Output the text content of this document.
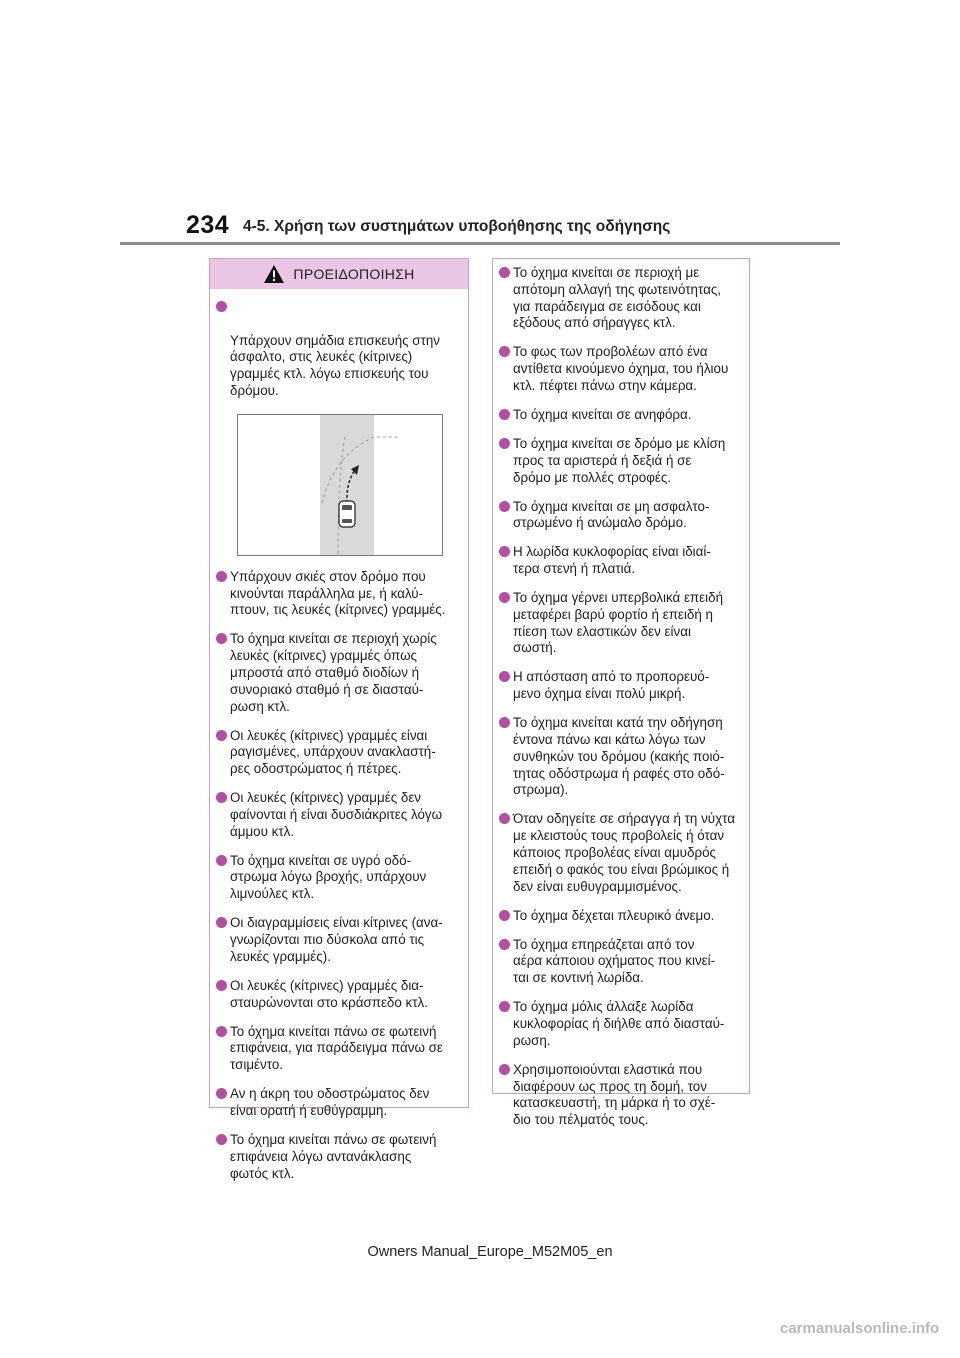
234 4-5. Χρήση των συστημάτων υποβοήθησης της οδήγησης
ΠΡΟΕΙΔΟΠΟΙΗΣΗ

Υπάρχουν σημάδια επισκευής στην
άσφαλτο, στις λευκές (κίτρινες)
γραμμές κτλ. λόγω επισκευής του
δρόμου.

Υπάρχουν σκιές στον δρόμο που
κινούνται παράλληλα με, ή καλύ-
πτουν, τις λευκές (κίτρινες) γραμμές.
Το όχημα κινείται σε περιοχή χωρίς
λευκές (κίτρινες) γραμμές όπως
μπροστά από σταθμό διοδίων ή
συνοριακό σταθμό ή σε διασταύ-
ρωση κτλ.
Οι λευκές (κίτρινες) γραμμές είναι
ραγισμένες, υπάρχουν ανακλαστή-
ρες οδοστρώματος ή πέτρες.
Οι λευκές (κίτρινες) γραμμές δεν
φαίνονται ή είναι δυσδιάκριτες λόγω
άμμου κτλ.
Το όχημα κινείται σε υγρό οδό-
στρωμα λόγω βροχής, υπάρχουν
λιμνούλες κτλ.
Οι διαγραμμίσεις είναι κίτρινες (ανα-
γνωρίζονται πιο δύσκολα από τις
λευκές γραμμές).
Οι λευκές (κίτρινες) γραμμές δια-
σταυρώνονται στο κράσπεδο κτλ.
Το όχημα κινείται πάνω σε φωτεινή
επιφάνεια, για παράδειγμα πάνω σε
τσιμέντο.
Αν η άκρη του οδοστρώματος δεν
είναι ορατή ή ευθύγραμμη.
Το όχημα κινείται πάνω σε φωτεινή
επιφάνεια λόγω αντανάκλασης
φωτός κτλ.
Το όχημα κινείται σε περιοχή με
απότομη αλλαγή της φωτεινότητας,
για παράδειγμα σε εισόδους και
εξόδους από σήραγγες κτλ.
Το φως των προβολέων από ένα
αντίθετα κινούμενο όχημα, του ήλιου
κτλ. πέφτει πάνω στην κάμερα.
Το όχημα κινείται σε ανηφόρα.
Το όχημα κινείται σε δρόμο με κλίση
προς τα αριστερά ή δεξιά ή σε
δρόμο με πολλές στροφές.
Το όχημα κινείται σε μη ασφαλτο-
στρωμένο ή ανώμαλο δρόμο.
Η λωρίδα κυκλοφορίας είναι ιδιαί-
τερα στενή ή πλατιά.
Το όχημα γέρνει υπερβολικά επειδή
μεταφέρει βαρύ φορτίο ή επειδή η
πίεση των ελαστικών δεν είναι
σωστή.
Η απόσταση από το προπορευό-
μενο όχημα είναι πολύ μικρή.
Το όχημα κινείται κατά την οδήγηση
έντονα πάνω και κάτω λόγω των
συνθηκών του δρόμου (κακής ποιό-
τητας οδόστρωμα ή ραφές στο οδό-
στρωμα).
Όταν οδηγείτε σε σήραγγα ή τη νύχτα
με κλειστούς τους προβολείς ή όταν
κάποιος προβολέας είναι αμυδρός
επειδή ο φακός του είναι βρώμικος ή
δεν είναι ευθυγραμμισμένος.
Το όχημα δέχεται πλευρικό άνεμο.
Το όχημα επηρεάζεται από τον
αέρα κάποιου οχήματος που κινεί-
ται σε κοντινή λωρίδα.
Το όχημα μόλις άλλαξε λωρίδα
κυκλοφορίας ή διήλθε από διασταύ-
ρωση.
Χρησιμοποιούνται ελαστικά που
διαφέρουν ως προς τη δομή, τον
κατασκευαστή, τη μάρκα ή το σχέ-
διο του πέλματός τους.
Owners Manual_Europe_M52M05_en
carmanualsonline.info
